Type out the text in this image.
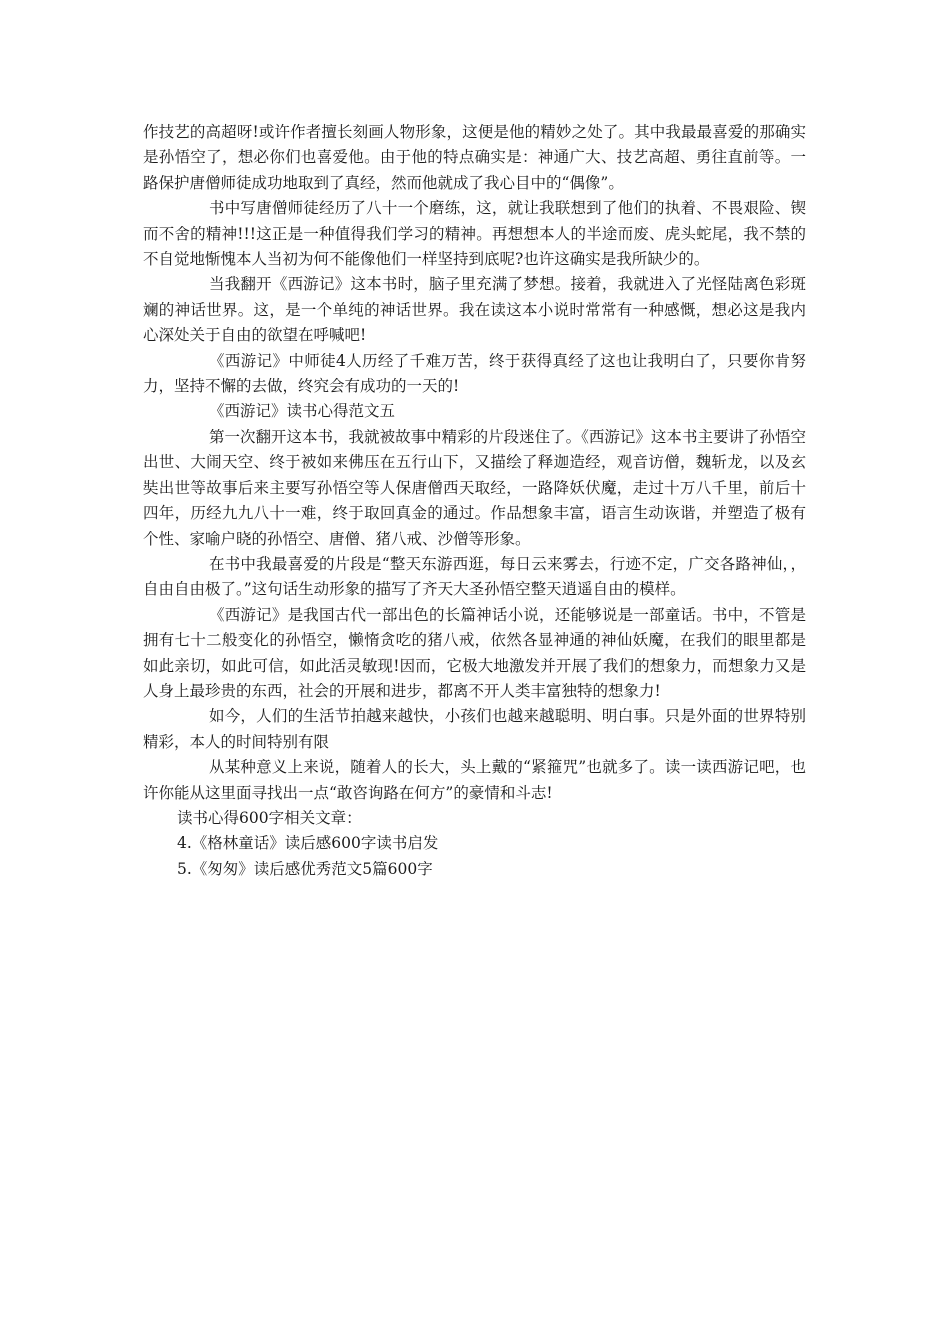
作技艺的高超呀!或许作者擅长刻画人物形象，这便是他的精妙之处了。其中我最最喜爱的那确实是孙悟空了，想必你们也喜爱他。由于他的特点确实是：神通广大、技艺高超、勇往直前等。一路保护唐僧师徒成功地取到了真经，然而他就成了我心目中的“偶像”。

书中写唐僧师徒经历了八十一个磨练，这，就让我联想到了他们的执着、不畏艰险、锲而不舍的精神!!!这正是一种值得我们学习的精神。再想想本人的半途而废、虎头蛇尾，我不禁的不自觉地惭愧本人当初为何不能像他们一样坚持到底呢?也许这确实是我所缺少的。

当我翻开《西游记》这本书时，脑子里充满了梦想。接着，我就进入了光怪陆离色彩斑斓的神话世界。这，是一个单纯的神话世界。我在读这本小说时常常有一种感慨，想必这是我内心深处关于自由的欲望在呼喊吧!

《西游记》中师徒4人历经了千难万苦，终于获得真经了这也让我明白了，只要你肯努力，坚持不懈的去做，终究会有成功的一天的!

《西游记》读书心得范文五

第一次翻开这本书，我就被故事中精彩的片段迷住了。《西游记》这本书主要讲了孙悟空出世、大闹天空、终于被如来佛压在五行山下，又描绘了释迦造经，观音访僧，魏斩龙，以及玄奘出世等故事后来主要写孙悟空等人保唐僧西天取经，一路降妖伏魔，走过十万八千里，前后十四年，历经九九八十一难，终于取回真金的通过。作品想象丰富，语言生动诙谐，并塑造了极有个性、家喻户晓的孙悟空、唐僧、猪八戒、沙僧等形象。

在书中我最喜爱的片段是“整天东游西逛，每日云来雾去，行迹不定，广交各路神仙，，自由自由极了。”这句话生动形象的描写了齐天大圣孙悟空整天逍遥自由的模样。

《西游记》是我国古代一部出色的长篇神话小说，还能够说是一部童话。书中，不管是拥有七十二般变化的孙悟空，懒惰贪吃的猪八戒，依然各显神通的神仙妖魔，在我们的眼里都是如此亲切，如此可信，如此活灵敏现!因而，它极大地激发并开展了我们的想象力，而想象力又是人身上最珍贵的东西，社会的开展和进步，都离不开人类丰富独特的想象力!

如今，人们的生活节拍越来越快，小孩们也越来越聪明、明白事。只是外面的世界特别精彩，本人的时间特别有限

从某种意义上来说，随着人的长大，头上戴的“紧箍咒”也就多了。读一读西游记吧，也许你能从这里面寻找出一点“敢咨询路在何方”的豪情和斗志!

读书心得600字相关文章：

4.《格林童话》读后感600字读书启发

5.《匆匆》读后感优秀范文5篇600字
